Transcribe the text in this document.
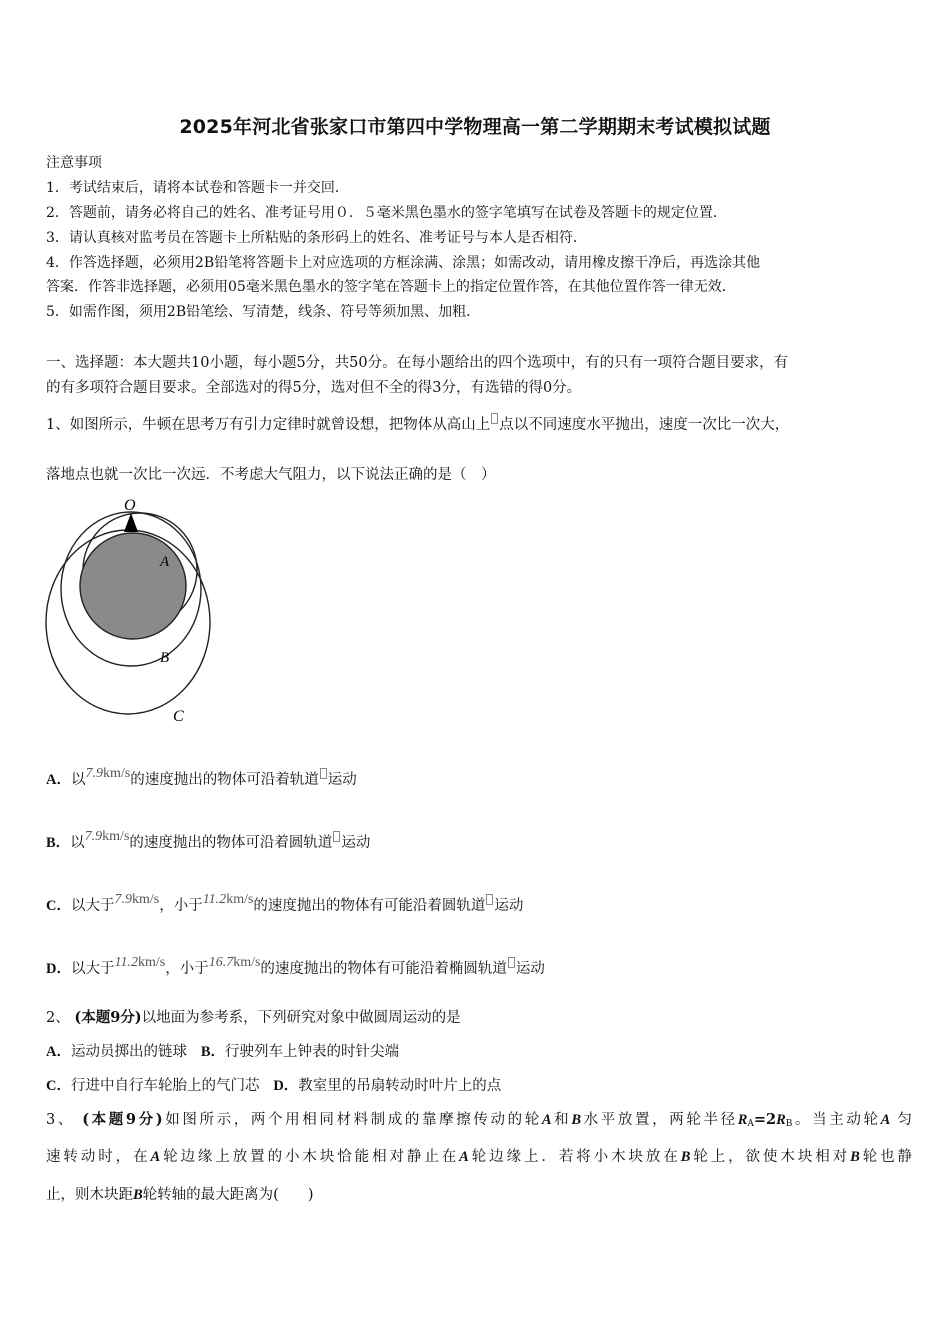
2025年河北省张家口市第四中学物理高一第二学期期末考试模拟试题
注意事项
1．考试结束后，请将本试卷和答题卡一并交回．
2．答题前，请务必将自己的姓名、准考证号用０．５毫米黑色墨水的签字笔填写在试卷及答题卡的规定位置．
3．请认真核对监考员在答题卡上所粘贴的条形码上的姓名、准考证号与本人是否相符．
4．作答选择题，必须用2B铅笔将答题卡上对应选项的方框涂满、涂黑；如需改动，请用橡皮擦干净后，再选涂其他
答案．作答非选择题，必须用05毫米黑色墨水的签字笔在答题卡上的指定位置作答，在其他位置作答一律无效．
5．如需作图，须用2B铅笔绘、写清楚，线条、符号等须加黑、加粗．
一、选择题：本大题共10小题，每小题5分，共50分。在每小题给出的四个选项中，有的只有一项符合题目要求，有
的有多项符合题目要求。全部选对的得5分，选对但不全的得3分，有选错的得0分。
1、如图所示，牛顿在思考万有引力定律时就曾设想，把物体从高山上 点以不同速度水平抛出，速度一次比一次大，
落地点也就一次比一次远．不考虑大气阻力，以下说法正确的是（　）
O
A
B
C
A．以7.9km/s的速度抛出的物体可沿着轨道 运动
B．以7.9km/s的速度抛出的物体可沿着圆轨道 运动
C．以大于7.9km/s，小于11.2km/s的速度抛出的物体有可能沿着圆轨道 运动
D．以大于11.2km/s，小于16.7km/s的速度抛出的物体有可能沿着椭圆轨道 运动
2、 (本题9分)以地面为参考系，下列研究对象中做圆周运动的是
A．运动员掷出的链球 B．行驶列车上钟表的时针尖端
C．行进中自行车轮胎上的气门芯 D．教室里的吊扇转动时叶片上的点
3、 (本题9分)如图所示，两个用相同材料制成的靠摩擦传动的轮A和B水平放置，两轮半径$R_A=2R_B$。当主动轮A 匀
速转动时，在A轮边缘上放置的小木块恰能相对静止在A轮边缘上．若将小木块放在B轮上，欲使木块相对B轮也静
止，则木块距B轮转轴的最大距离为(　　)
